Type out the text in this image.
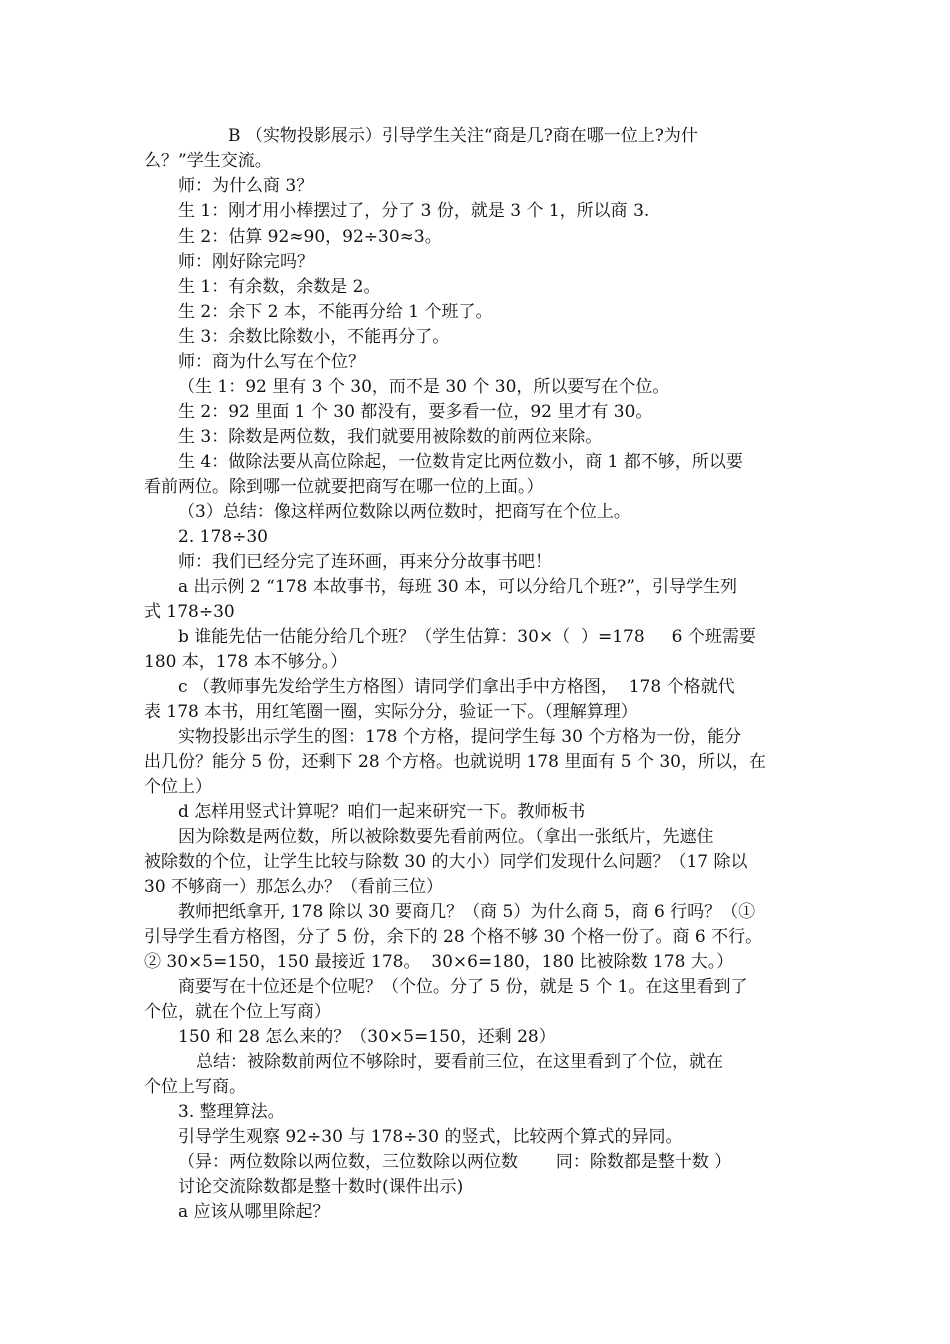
B （实物投影展示）引导学生关注“商是几?商在哪一位上?为什
么？”学生交流。
师：为什么商 3？
生 1：刚才用小棒摆过了，分了 3 份，就是 3 个 1，所以商 3.
生 2：估算 92≈90，92÷30≈3。
师：刚好除完吗？
生 1：有余数，余数是 2。
生 2：余下 2 本，不能再分给 1 个班了。
生 3：余数比除数小，不能再分了。
师：商为什么写在个位？
（生 1：92 里有 3 个 30，而不是 30 个 30，所以要写在个位。
生 2：92 里面 1 个 30 都没有，要多看一位，92 里才有 30。
生 3：除数是两位数，我们就要用被除数的前两位来除。
生 4：做除法要从高位除起，一位数肯定比两位数小，商 1 都不够，所以要
看前两位。除到哪一位就要把商写在哪一位的上面。）
（3）总结：像这样两位数除以两位数时，把商写在个位上。
2. 178÷30
师：我们已经分完了连环画，再来分分故事书吧！
a 出示例 2 “178 本故事书，每班 30 本，可以分给几个班?”，引导学生列
式 178÷30
b 谁能先估一估能分给几个班？（学生估算：30×（  ）=178     6 个班需要
180 本，178 本不够分。）
c （教师事先发给学生方格图）请同学们拿出手中方格图，  178 个格就代
表 178 本书，用红笔圈一圈，实际分分，验证一下。（理解算理）
实物投影出示学生的图：178 个方格，提问学生每 30 个方格为一份，能分
出几份？能分 5 份，还剩下 28 个方格。也就说明 178 里面有 5 个 30，所以，在
个位上）
d 怎样用竖式计算呢？咱们一起来研究一下。教师板书
因为除数是两位数，所以被除数要先看前两位。（拿出一张纸片，先遮住
被除数的个位，让学生比较与除数 30 的大小）同学们发现什么问题？（17 除以
30 不够商一）那怎么办？（看前三位）
教师把纸拿开, 178 除以 30 要商几？（商 5）为什么商 5，商 6 行吗？（①
引导学生看方格图，分了 5 份，余下的 28 个格不够 30 个格一份了。商 6 不行。
② 30×5=150，150 最接近 178。  30×6=180，180 比被除数 178 大。）
商要写在十位还是个位呢？（个位。分了 5 份，就是 5 个 1。在这里看到了
个位，就在个位上写商）
150 和 28 怎么来的？（30×5=150，还剩 28）
总结：被除数前两位不够除时，要看前三位，在这里看到了个位，就在
个位上写商。
3. 整理算法。
引导学生观察 92÷30 与 178÷30 的竖式，比较两个算式的异同。
（异：两位数除以两位数，三位数除以两位数       同：除数都是整十数 ）
讨论交流除数都是整十数时(课件出示)
a 应该从哪里除起？
